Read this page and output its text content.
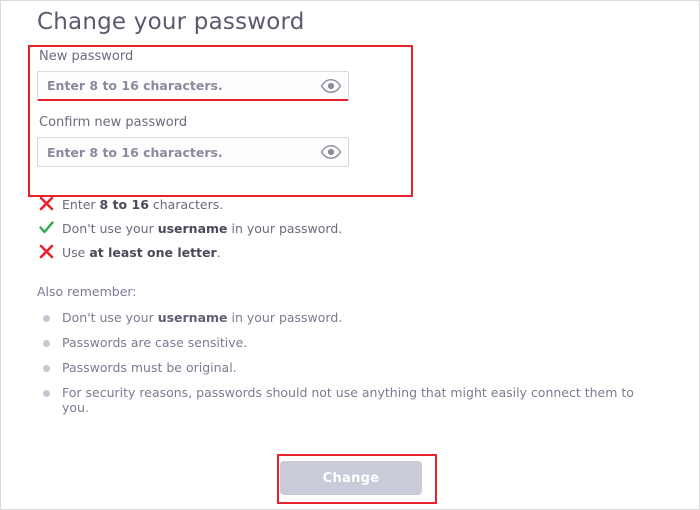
Change your password
New password
Enter 8 to 16 characters.
Confirm new password
Enter 8 to 16 characters.
Enter 8 to 16 characters.
Don't use your username in your password.
Use at least one letter.
Also remember:
Don't use your username in your password.
Passwords are case sensitive.
Passwords must be original.
For security reasons, passwords should not use anything that might easily connect them to you.
Change
